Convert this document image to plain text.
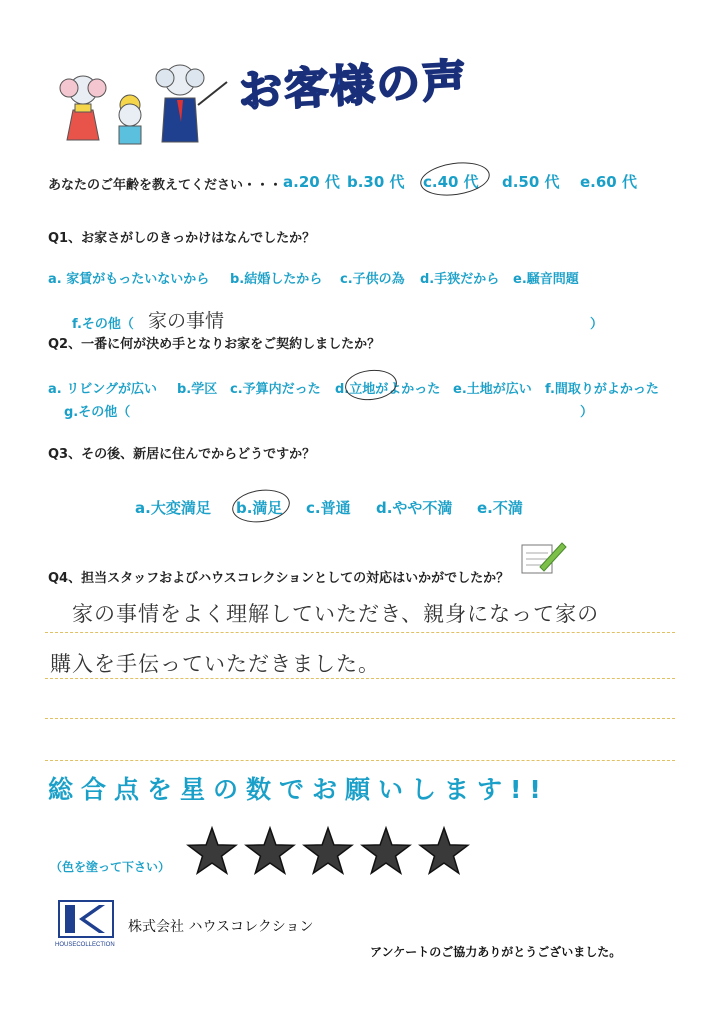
お客様の声
あなたのご年齢を教えてください・・・ a.20 代 b.30 代 c.40 代 d.50 代 e.60 代
Q1、お家さがしのきっかけはなんでしたか？
a. 家賃がもったいないから b.結婚したから c.子供の為 d.手狭だから e.騒音問題
f.その他（ 家の事情	）
Q2、一番に何が決め手となりお家をご契約しましたか？
a. リビングが広い b.学区 c.予算内だった d.立地がよかった e.土地が広い f.間取りがよかった
g.その他（	）
Q3、その後、新居に住んでからどうですか？
a.大変満足 b.満足 c.普通 d.やや不満 e.不満
Q4、担当スタッフおよびハウスコレクションとしての対応はいかがでしたか？
家の事情をよく理解していただき、親身になって家の
購入を手伝っていただきました。
総合点を星の数でお願いします!!
（色を塗って下さい）
HOUSECOLLECTION
株式会社 ハウスコレクション
アンケートのご協力ありがとうございました。
